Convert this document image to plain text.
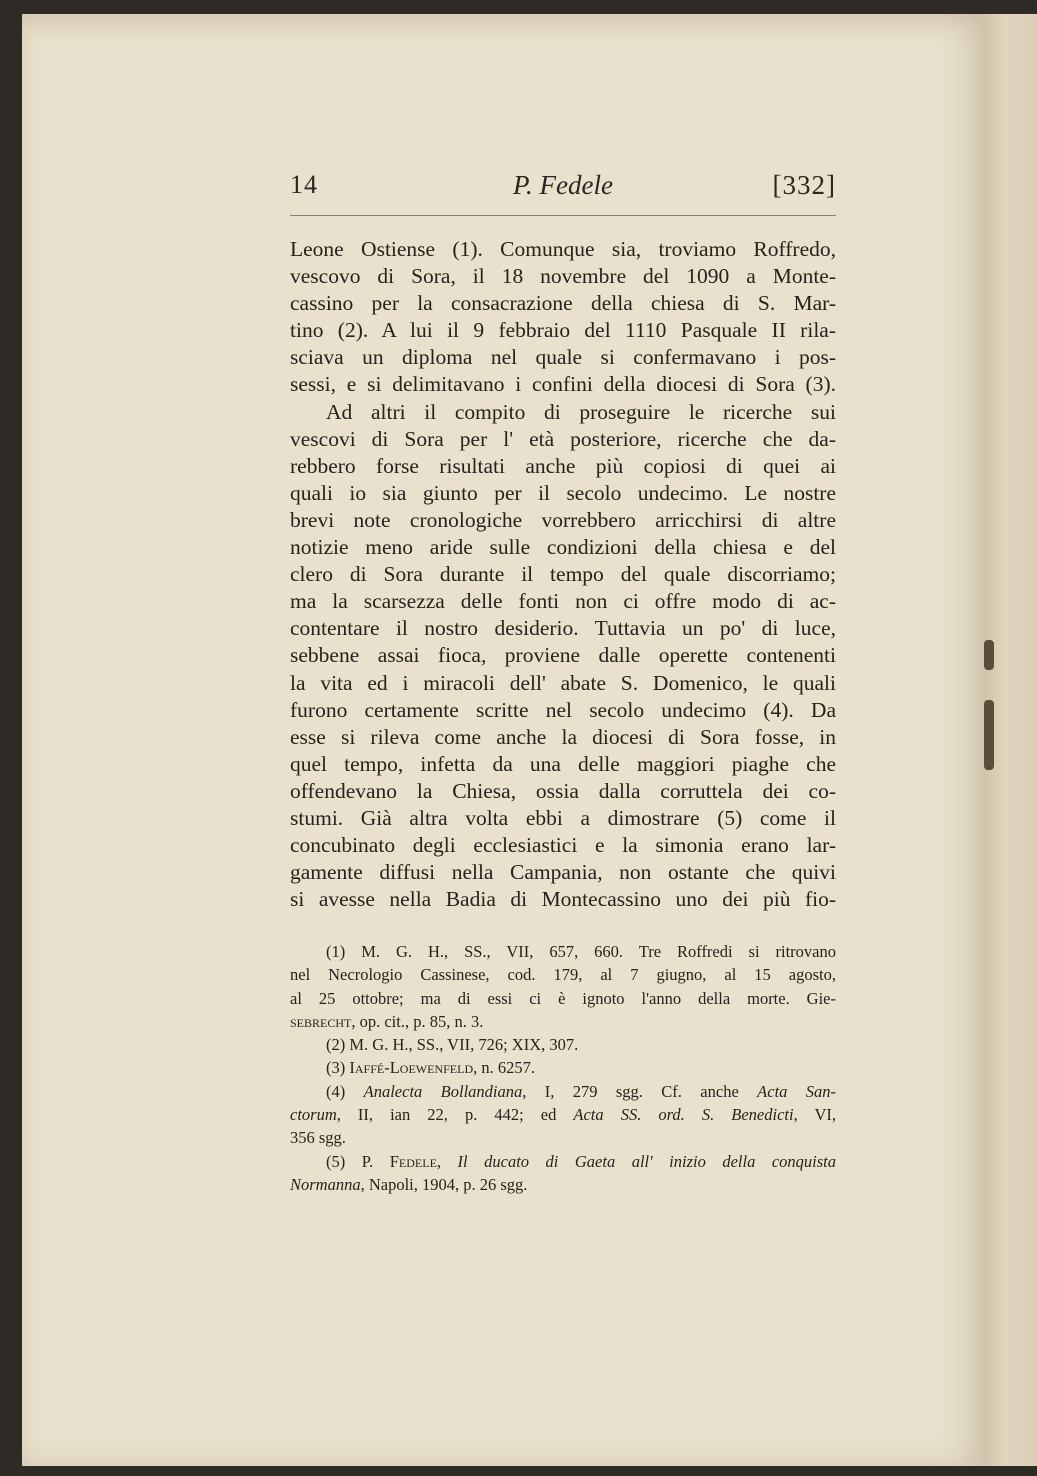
14	P. Fedele	[332]
Leone Ostiense (1). Comunque sia, troviamo Roffredo,
vescovo di Sora, il 18 novembre del 1090 a Monte-
cassino per la consacrazione della chiesa di S. Mar-
tino (2). A lui il 9 febbraio del 1110 Pasquale II rila-
sciava un diploma nel quale si confermavano i pos-
sessi, e si delimitavano i confini della diocesi di Sora (3).
Ad altri il compito di proseguire le ricerche sui
vescovi di Sora per l' età posteriore, ricerche che da-
rebbero forse risultati anche più copiosi di quei ai
quali io sia giunto per il secolo undecimo. Le nostre
brevi note cronologiche vorrebbero arricchirsi di altre
notizie meno aride sulle condizioni della chiesa e del
clero di Sora durante il tempo del quale discorriamo;
ma la scarsezza delle fonti non ci offre modo di ac-
contentare il nostro desiderio. Tuttavia un po' di luce,
sebbene assai fioca, proviene dalle operette contenenti
la vita ed i miracoli dell' abate S. Domenico, le quali
furono certamente scritte nel secolo undecimo (4). Da
esse si rileva come anche la diocesi di Sora fosse, in
quel tempo, infetta da una delle maggiori piaghe che
offendevano la Chiesa, ossia dalla corruttela dei co-
stumi. Già altra volta ebbi a dimostrare (5) come il
concubinato degli ecclesiastici e la simonia erano lar-
gamente diffusi nella Campania, non ostante che quivi
si avesse nella Badia di Montecassino uno dei più fio-
(1) M. G. H., SS., VII, 657, 660. Tre Roffredi si ritrovano
nel Necrologio Cassinese, cod. 179, al 7 giugno, al 15 agosto,
al 25 ottobre; ma di essi ci è ignoto l'anno della morte. Gie-
sebrecht, op. cit., p. 85, n. 3.
(2) M. G. H., SS., VII, 726; XIX, 307.
(3) Iaffé-Loewenfeld, n. 6257.
(4) Analecta Bollandiana, I, 279 sgg. Cf. anche Acta San-
ctorum, II, ian 22, p. 442; ed Acta SS. ord. S. Benedicti, VI,
356 sgg.
(5) P. Fedele, Il ducato di Gaeta all' inizio della conquista
Normanna, Napoli, 1904, p. 26 sgg.
